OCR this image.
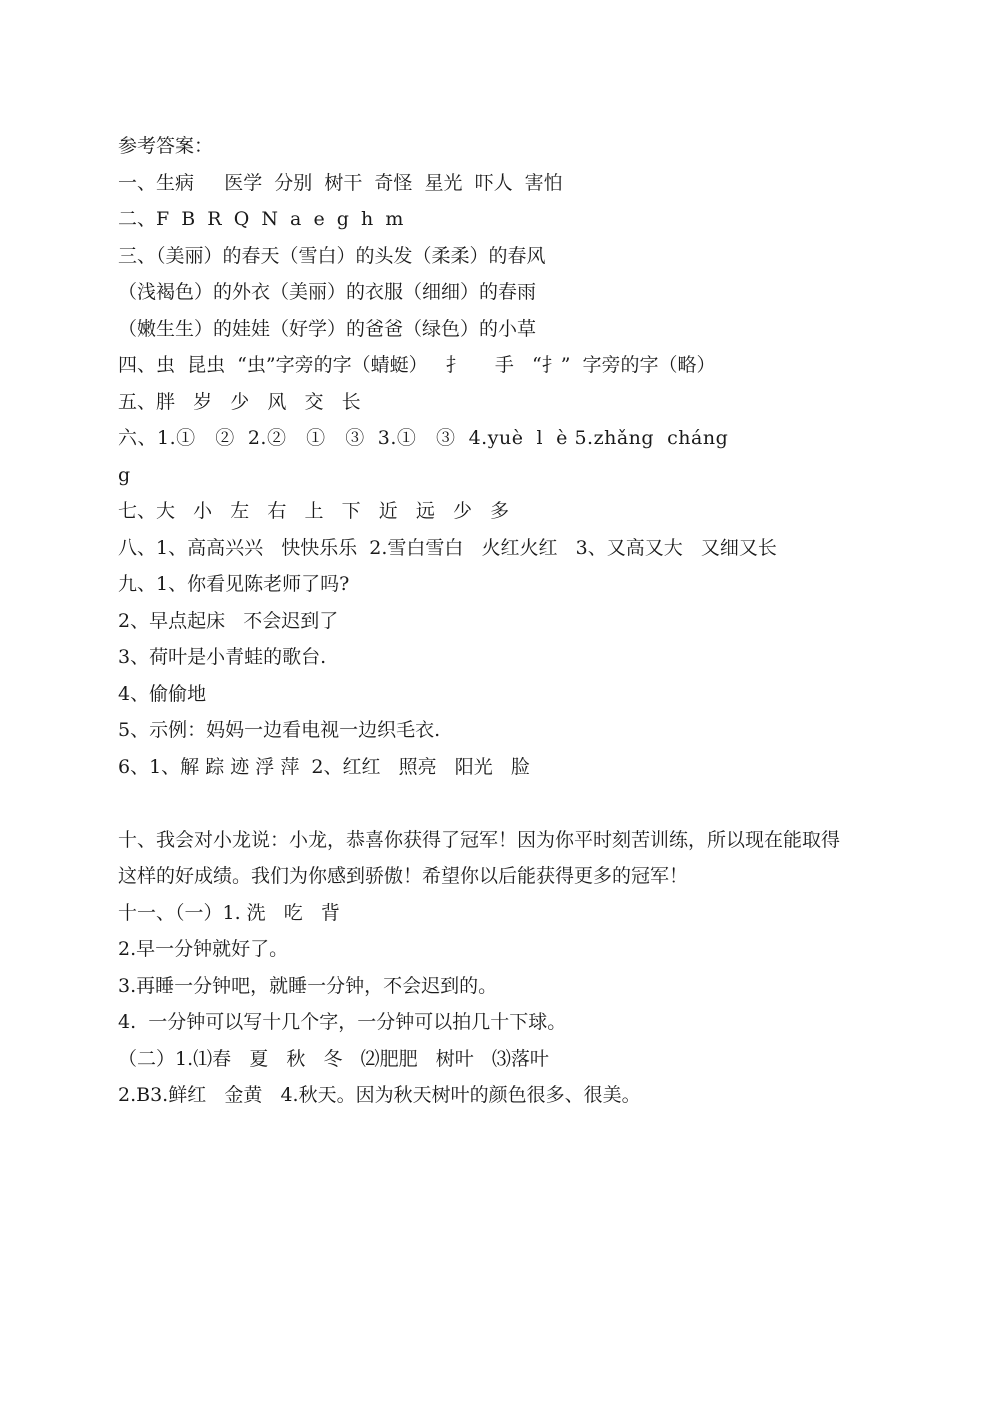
参考答案：
一、生病     医学  分别  树干  奇怪  星光  吓人  害怕
二、F  B  R  Q  N  a  e  g  h  m
三、（美丽）的春天（雪白）的头发（柔柔）的春风
（浅褐色）的外衣（美丽）的衣服（细细）的春雨
（嫩生生）的娃娃（好学）的爸爸（绿色）的小草
四、虫  昆虫  “虫”字旁的字（蜻蜓）   扌     手   “扌”  字旁的字（略）
五、胖   岁   少   风   交   长
六、1.①   ②  2.②   ①   ③  3.①   ③  4.yuè  l  è 5.zhǎng  cháng
g
七、大   小   左   右   上   下   近   远   少   多
八、1、高高兴兴   快快乐乐  2.雪白雪白   火红火红   3、又高又大   又细又长
九、1、你看见陈老师了吗?
2、早点起床   不会迟到了
3、荷叶是小青蛙的歌台.
4、偷偷地
5、示例：妈妈一边看电视一边织毛衣.
6、1、解 踪 迹 浮 萍  2、红红   照亮   阳光   脸
十、我会对小龙说：小龙，恭喜你获得了冠军！因为你平时刻苦训练，所以现在能取得
这样的好成绩。我们为你感到骄傲！希望你以后能获得更多的冠军！
十一、（一）1. 洗   吃   背
2.早一分钟就好了。
3.再睡一分钟吧，就睡一分钟，不会迟到的。
4.  一分钟可以写十几个字，一分钟可以拍几十下球。
（二）1.⑴春   夏   秋   冬   ⑵肥肥   树叶   ⑶落叶
2.B3.鲜红   金黄   4.秋天。因为秋天树叶的颜色很多、很美。
